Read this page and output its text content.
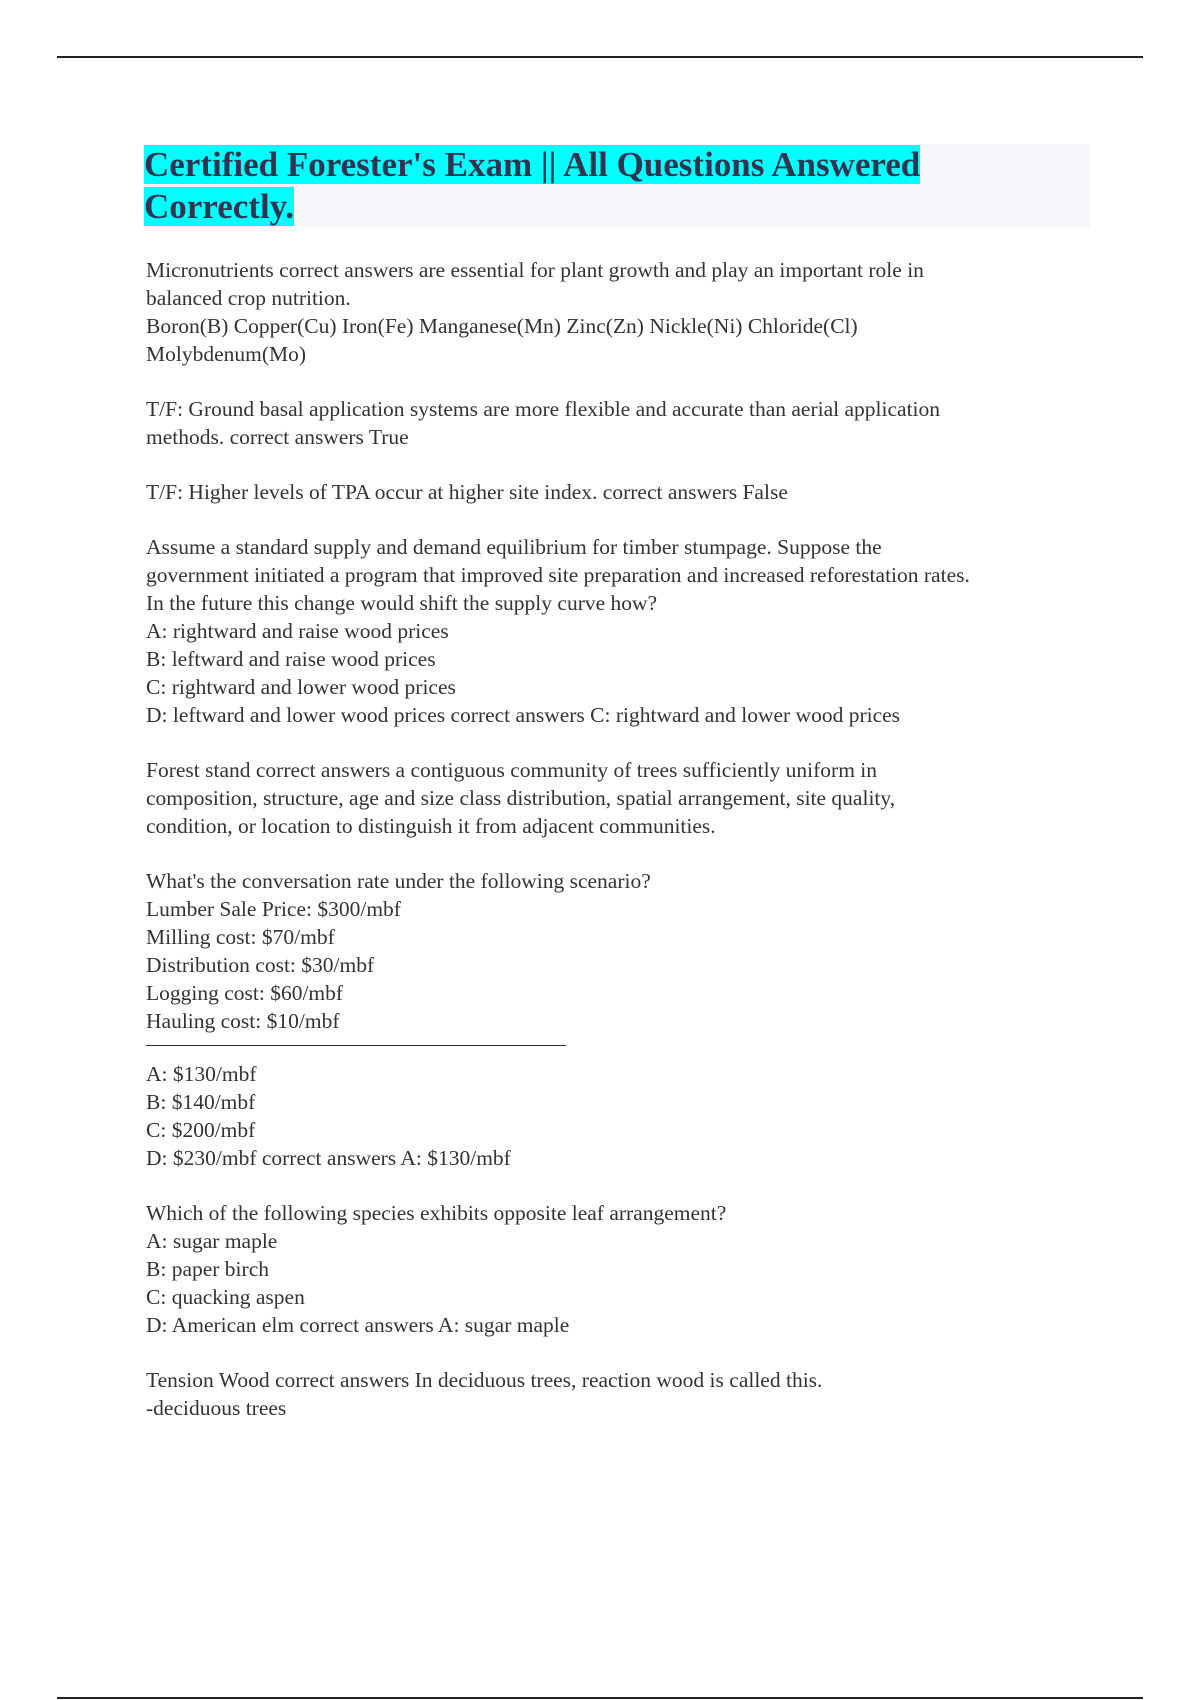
Certified Forester's Exam || All Questions Answered
Correctly.

Micronutrients correct answers are essential for plant growth and play an important role in
balanced crop nutrition.
Boron(B) Copper(Cu) Iron(Fe) Manganese(Mn) Zinc(Zn) Nickle(Ni) Chloride(Cl)
Molybdenum(Mo)

T/F: Ground basal application systems are more flexible and accurate than aerial application
methods. correct answers True

T/F: Higher levels of TPA occur at higher site index. correct answers False

Assume a standard supply and demand equilibrium for timber stumpage. Suppose the
government initiated a program that improved site preparation and increased reforestation rates.
In the future this change would shift the supply curve how?
A: rightward and raise wood prices
B: leftward and raise wood prices
C: rightward and lower wood prices
D: leftward and lower wood prices correct answers C: rightward and lower wood prices

Forest stand correct answers a contiguous community of trees sufficiently uniform in
composition, structure, age and size class distribution, spatial arrangement, site quality,
condition, or location to distinguish it from adjacent communities.

What's the conversation rate under the following scenario?
Lumber Sale Price: $300/mbf
Milling cost: $70/mbf
Distribution cost: $30/mbf
Logging cost: $60/mbf
Hauling cost: $10/mbf

A: $130/mbf
B: $140/mbf
C: $200/mbf
D: $230/mbf correct answers A: $130/mbf

Which of the following species exhibits opposite leaf arrangement?
A: sugar maple
B: paper birch
C: quacking aspen
D: American elm correct answers A: sugar maple

Tension Wood correct answers In deciduous trees, reaction wood is called this.
-deciduous trees
